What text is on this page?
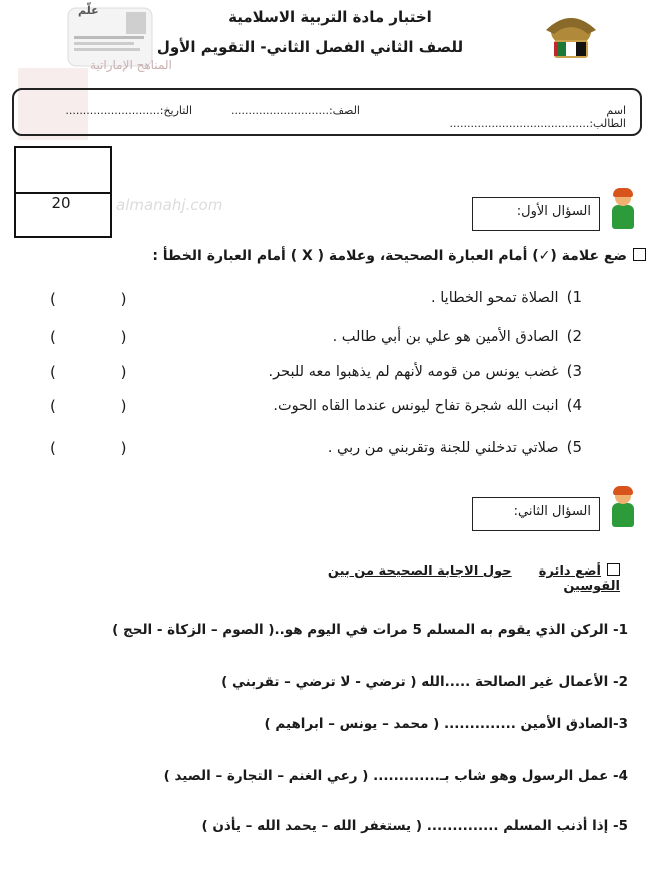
اختبار مادة التربية الاسلامية
للصف الثاني الفصل الثاني- التقويم الأول
علّم
المناهج الإماراتية
اسم الطالب:........................................
الصف:............................
التاريخ:...........................
20	almanahj.com	السؤال الأول:
ضع علامة (✓) أمام العبارة الصحيحة، وعلامة ( X ) أمام العبارة الخطأ :
1)الصلاة تمحو الخطايا .
2)الصادق الأمين هو علي بن أبي طالب .
3)غضب يونس من قومه لأنهم لم يذهبوا معه للبحر.
4)انبت الله شجرة تفاح ليونس عندما القاه الحوت.
5)صلاتي تدخلني للجنة وتقربني من ربي .
( )
( )
( )
( )
( )
السؤال الثاني:
أضع دائرة      حول الاجابة الصحيحة من بين القوسين
1- الركن الذي يقوم به المسلم 5 مرات في اليوم هو..( الصوم – الزكاة - الحج )
2- الأعمال غير الصالحة .....الله ( ترضي - لا ترضي – تقربني )
3-الصادق الأمين .............. ( محمد – يونس – ابراهيم )
4- عمل الرسول وهو شاب بـ............. ( رعي الغنم – التجارة – الصيد )
5- إذا أذنب المسلم .............. ( يستغفر الله – يحمد الله – يأذن )
